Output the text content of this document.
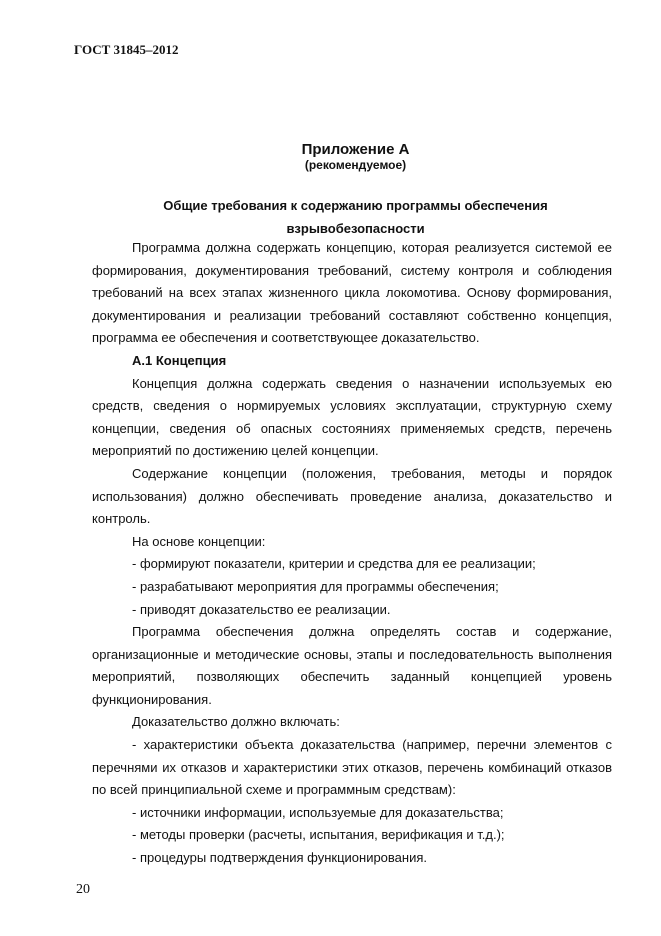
ГОСТ 31845–2012
Приложение А
(рекомендуемое)
Общие требования к содержанию программы обеспечения
взрывобезопасности

Программа должна содержать концепцию, которая реализуется системой ее формирования, документирования требований, систему контроля и соблюдения требований на всех этапах жизненного цикла локомотива. Основу формирования, документирования и реализации требований составляют собственно концепция, программа ее обеспечения и соответствующее доказательство.

А.1 Концепция

Концепция должна содержать сведения о назначении используемых ею средств, сведения о нормируемых условиях эксплуатации, структурную схему концепции, сведения об опасных состояниях применяемых средств, перечень мероприятий по достижению целей концепции.

Содержание концепции (положения, требования, методы и порядок использования) должно обеспечивать проведение анализа, доказательство и контроль.

На основе концепции:

- формируют показатели, критерии и средства для ее реализации;

- разрабатывают мероприятия для программы обеспечения;

- приводят доказательство ее реализации.

Программа обеспечения должна определять состав и содержание, организационные и методические основы, этапы и последовательность выполнения мероприятий, позволяющих обеспечить заданный концепцией уровень функционирования.

Доказательство должно включать:

- характеристики объекта доказательства (например, перечни элементов с перечнями их отказов и характеристики этих отказов, перечень комбинаций отказов по всей принципиальной схеме и программным средствам):

- источники информации, используемые для доказательства;

- методы проверки (расчеты, испытания, верификация и т.д.);

- процедуры подтверждения функционирования.

20
